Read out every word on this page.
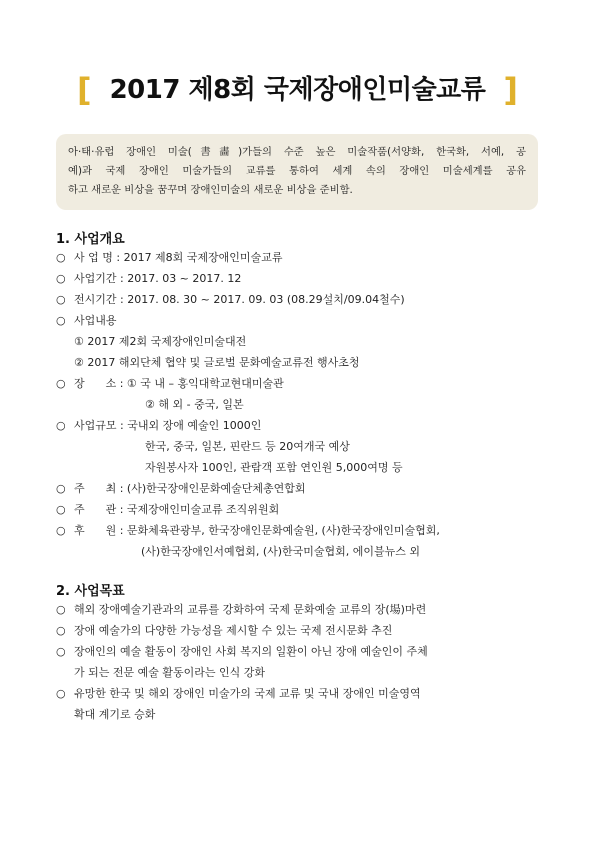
[ 2017 제8회 국제장애인미술교류 ]
아·태·유럽 장애인 미술(書畵)가들의 수준 높은 미술작품(서양화, 한국화, 서예, 공
예)과 국제 장애인 미술가들의 교류를 통하여 세계 속의 장애인 미술세계를 공유
하고 새로운 비상을 꿈꾸며 장애인미술의 새로운 비상을 준비함.
1. 사업개요
○ 사 업 명 : 2017 제8회 국제장애인미술교류
○ 사업기간 : 2017. 03 ~ 2017. 12
○ 전시기간 : 2017. 08. 30 ~ 2017. 09. 03 (08.29설치/09.04철수)
○ 사업내용
① 2017 제2회 국제장애인미술대전
② 2017 해외단체 협약 및 글로벌 문화예술교류전 행사초청
○ 장      소 : ① 국 내 – 홍익대학교현대미술관
② 해 외 - 중국, 일본
○ 사업규모 : 국내외 장애 예술인 1000인
한국, 중국, 일본, 핀란드 등 20여개국 예상
자원봉사자 100인, 관람객 포함 연인원 5,000여명 등
○ 주      최 : (사)한국장애인문화예술단체총연합회
○ 주      관 : 국제장애인미술교류 조직위원회
○ 후      원 : 문화체육관광부, 한국장애인문화예술원, (사)한국장애인미술협회,
(사)한국장애인서예협회, (사)한국미술협회, 에이블뉴스 외
2. 사업목표
○ 해외 장애예술기관과의 교류를 강화하여 국제 문화예술 교류의 장(場)마련
○ 장애 예술가의 다양한 가능성을 제시할 수 있는 국제 전시문화 추진
○ 장애인의 예술 활동이 장애인 사회 복지의 일환이 아닌 장애 예술인이 주체
가 되는 전문 예술 활동이라는 인식 강화
○ 유망한 한국 및 해외 장애인 미술가의 국제 교류 및 국내 장애인 미술영역
확대 계기로 승화
